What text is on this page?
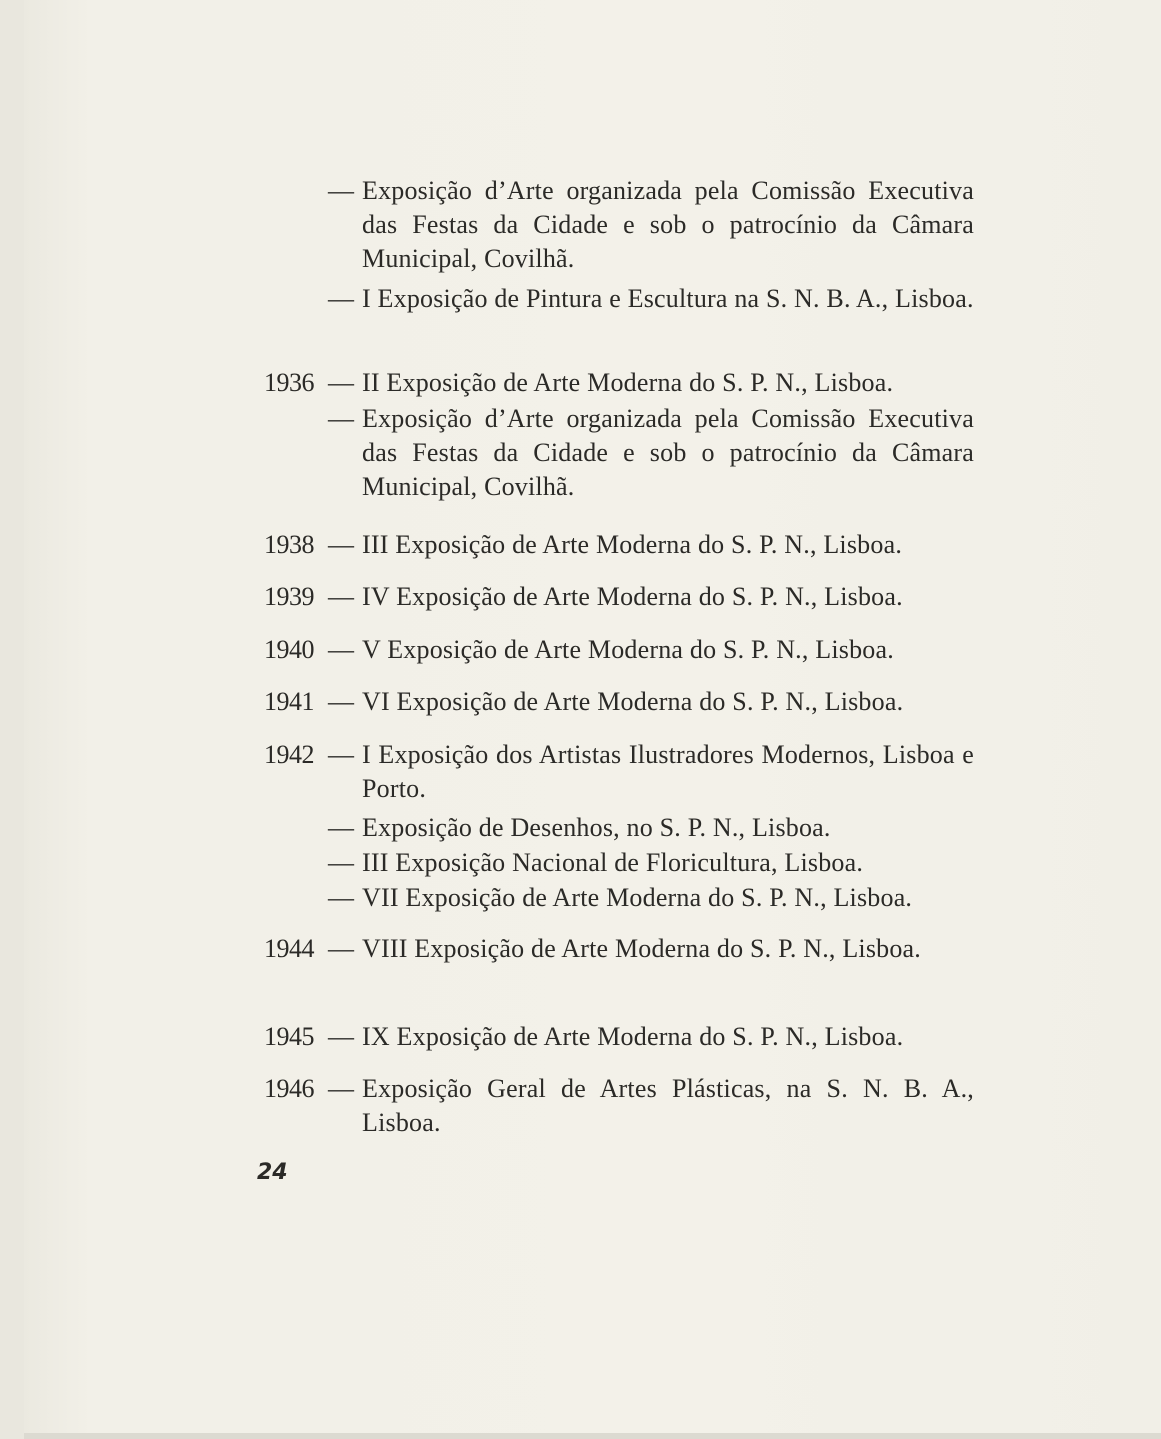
— Exposição d’Arte organizada pela Comissão Executiva das Festas da Cidade e sob o patrocínio da Câmara Municipal, Covilhã.
— I Exposição de Pintura e Escultura na S. N. B. A., Lisboa.
1936 — II Exposição de Arte Moderna do S. P. N., Lisboa.
— Exposição d’Arte organizada pela Comissão Executiva das Festas da Cidade e sob o patrocínio da Câmara Municipal, Covilhã.
1938 — III Exposição de Arte Moderna do S. P. N., Lisboa.
1939 — IV Exposição de Arte Moderna do S. P. N., Lisboa.
1940 — V Exposição de Arte Moderna do S. P. N., Lisboa.
1941 — VI Exposição de Arte Moderna do S. P. N., Lisboa.
1942 — I Exposição dos Artistas Ilustradores Modernos, Lisboa e Porto.
— Exposição de Desenhos, no S. P. N., Lisboa.
— III Exposição Nacional de Floricultura, Lisboa.
— VII Exposição de Arte Moderna do S. P. N., Lisboa.
1944 — VIII Exposição de Arte Moderna do S. P. N., Lisboa.
1945 — IX Exposição de Arte Moderna do S. P. N., Lisboa.
1946 — Exposição Geral de Artes Plásticas, na S. N. B. A., Lisboa.
24
